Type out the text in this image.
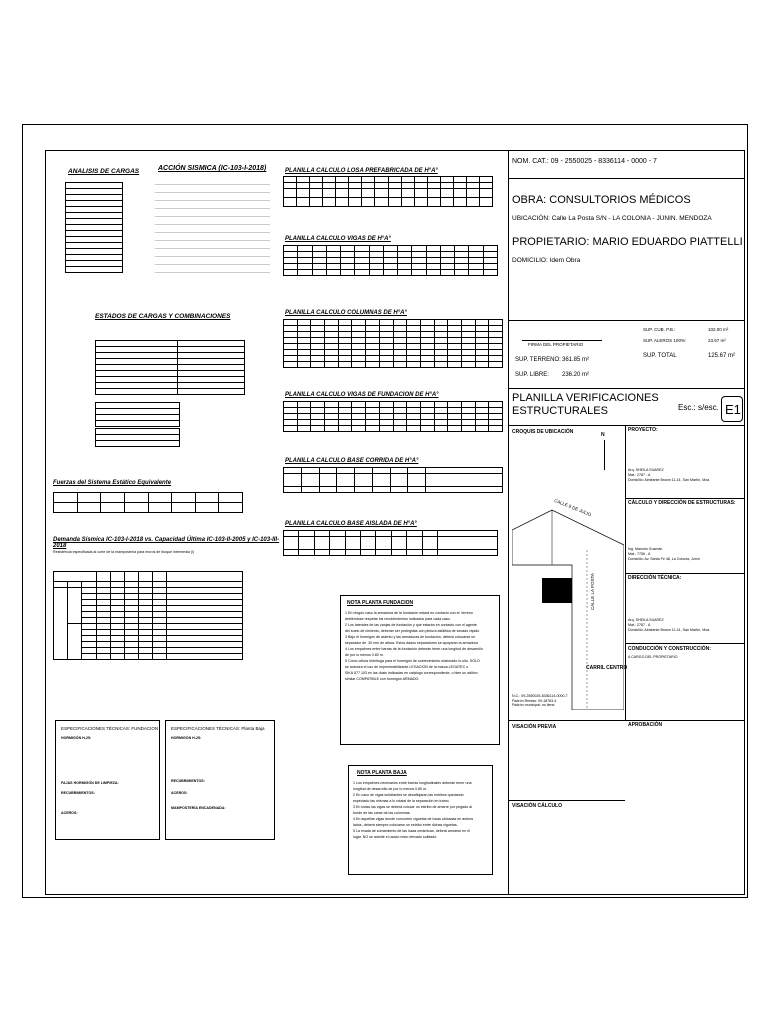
ANALISIS DE CARGAS	ACCIÓN SISMICA (IC-103-I-2018)

ESTADOS DE CARGAS Y COMBINACIONES

Fuerzas del Sistema Estático Equivalente

Demanda Sísmica IC-103-I-2018 vs. Capacidad Última IC-103-II-2005 y IC-103-III-2018
Resistencia especificada al corte de la mampostería para muros de bloque intermedia (i)

ESPECIFICACIONES TÉCNICAS: FUNDACION
HORMIGÓN H-25:
FAJAS HORMIGÓN DE LIMPIEZA:
RECUBRIMIENTOS:
ACEROS:
ESPECIFICACIONES TÉCNICAS: Planta Baja
HORMIGÓN H-25:
RECUBRIMIENTOS:
ACEROS:
MAMPOSTERÍA ENCADENADA:
PLANILLA CALCULO LOSA PREFABRICADA DE H°A°

PLANILLA CALCULO VIGAS DE H°A°

PLANILLA CALCULO COLUMNAS DE H°A°

PLANILLA CALCULO VIGAS DE FUNDACION DE H°A°

PLANILLA CALCULO BASE CORRIDA DE H°A°

PLANILLA CALCULO BASE AISLADA DE H°A°

NOTA PLANTA FUNDACION
1 En ningún caso la armadura de la fundación estará en contacto con el. terreno
debiéndose respetar los recubrimientos indicados para cada caso.
2 Los laterales de las zanjas de fundación y que estarán en contacto con el agente
del suelo de cimiento, deberán ser protegidas con pintura asfáltica de secado rápido
3 Bajo el hormigón de asiento y las armaduras de fundación, deberá colocarse un
separador de .30 mm de altura. Estos dados separadores se apoyarán la armadura
4 Los empalmes entre barras de la fundación deberán tener una longitud de desarrollo
de por lo menos 0.80 m.
5 Como célula hidrófuga para el hormigón de sobrecimiento elaborado in-situ, SÓLO
se autoriza el uso de impermeabilizante LEGACION de la marca LEGATEC o
SIKA 577 103 en las dosis indicadas en catálogo correspondiente, o bien un aditivo
similar COMPATIBLE con hormigón ARMADO.
NOTA PLANTA BAJA
1 Los empalmes necesarios entre barras longitudinales deberán tener una
longitud de desarrollo de por lo menos 0.80 m.
2 En caso de vigas solicitantes se desaflojaran las estribos quedando
especiado las mismas a lo rotatal de la separación en tramo.
3 En todas las vigas se deberá colocar un estribo de amarre por pegado al
borde de las caras de las columnas.
4 En aquellas vigas donde concurren viguetas de losas ubicadas en ambos
lados, deberá siempre colocarse un estribo entre dichas viguetas.
5 La evada de sumamiento de las losas cerámicas, deberá armarse en el
lugar. NO se admite el usado resto elevado solidado.
NOM. CAT.: 09 - 2550025 - 8336114 - 0000 - 7
OBRA: CONSULTORIOS MÉDICOS
UBICACIÓN: Calle La Posta S/N - LA COLONIA - JUNIN. MENDOZA
PROPIETARIO: MARIO EDUARDO PIATTELLI
DOMICILIO: Idem Obra
FIRMA DEL PROPIETARIO
SUP. TERRENO: 361.85 m²
SUP. LIBRE: 236.20 m²
SUP. CUB. P.B.:	102.00 m²
SUP. ALEROS 100%:	23.67 m²
SUP. TOTAL	125.67 m²
PLANILLA VERIFICACIONES ESTRUCTURALES	Esc.: s/esc. E1
CROQUIS DE UBICACIÓN	N
CALLE 9 DE JULIO
CALLE LA POSTA
CARRIL CENTRO
PROYECTO:
Arq. SHEILA SUAREZ
Mat.: 2787 - A
Domicilio: Almirante Brown 11-41, San Martín, Mza.
CÁLCULO Y DIRECCIÓN DE ESTRUCTURAS:
Ing. Marcelo Guzmán
Mat.: 7756 - A
Domicilio: Av. Santa Fe 48, La Colonia, Junín
DIRECCIÓN TÉCNICA:
Arq. SHEILA SUAREZ
Mat.: 2787 - A
Domicilio: Almirante Brown 11-41, San Martín, Mza.
CONDUCCIÓN Y CONSTRUCCIÓN:
A CARGO DEL PROPIETARIO
N.C.: 09-2550025-8336114-0000-7
Padrón Rentas: 09-18763-4
Padrón municipal: no tiene
VISACIÓN PREVIA	APROBACIÓN
VISACIÓN CÁLCULO
